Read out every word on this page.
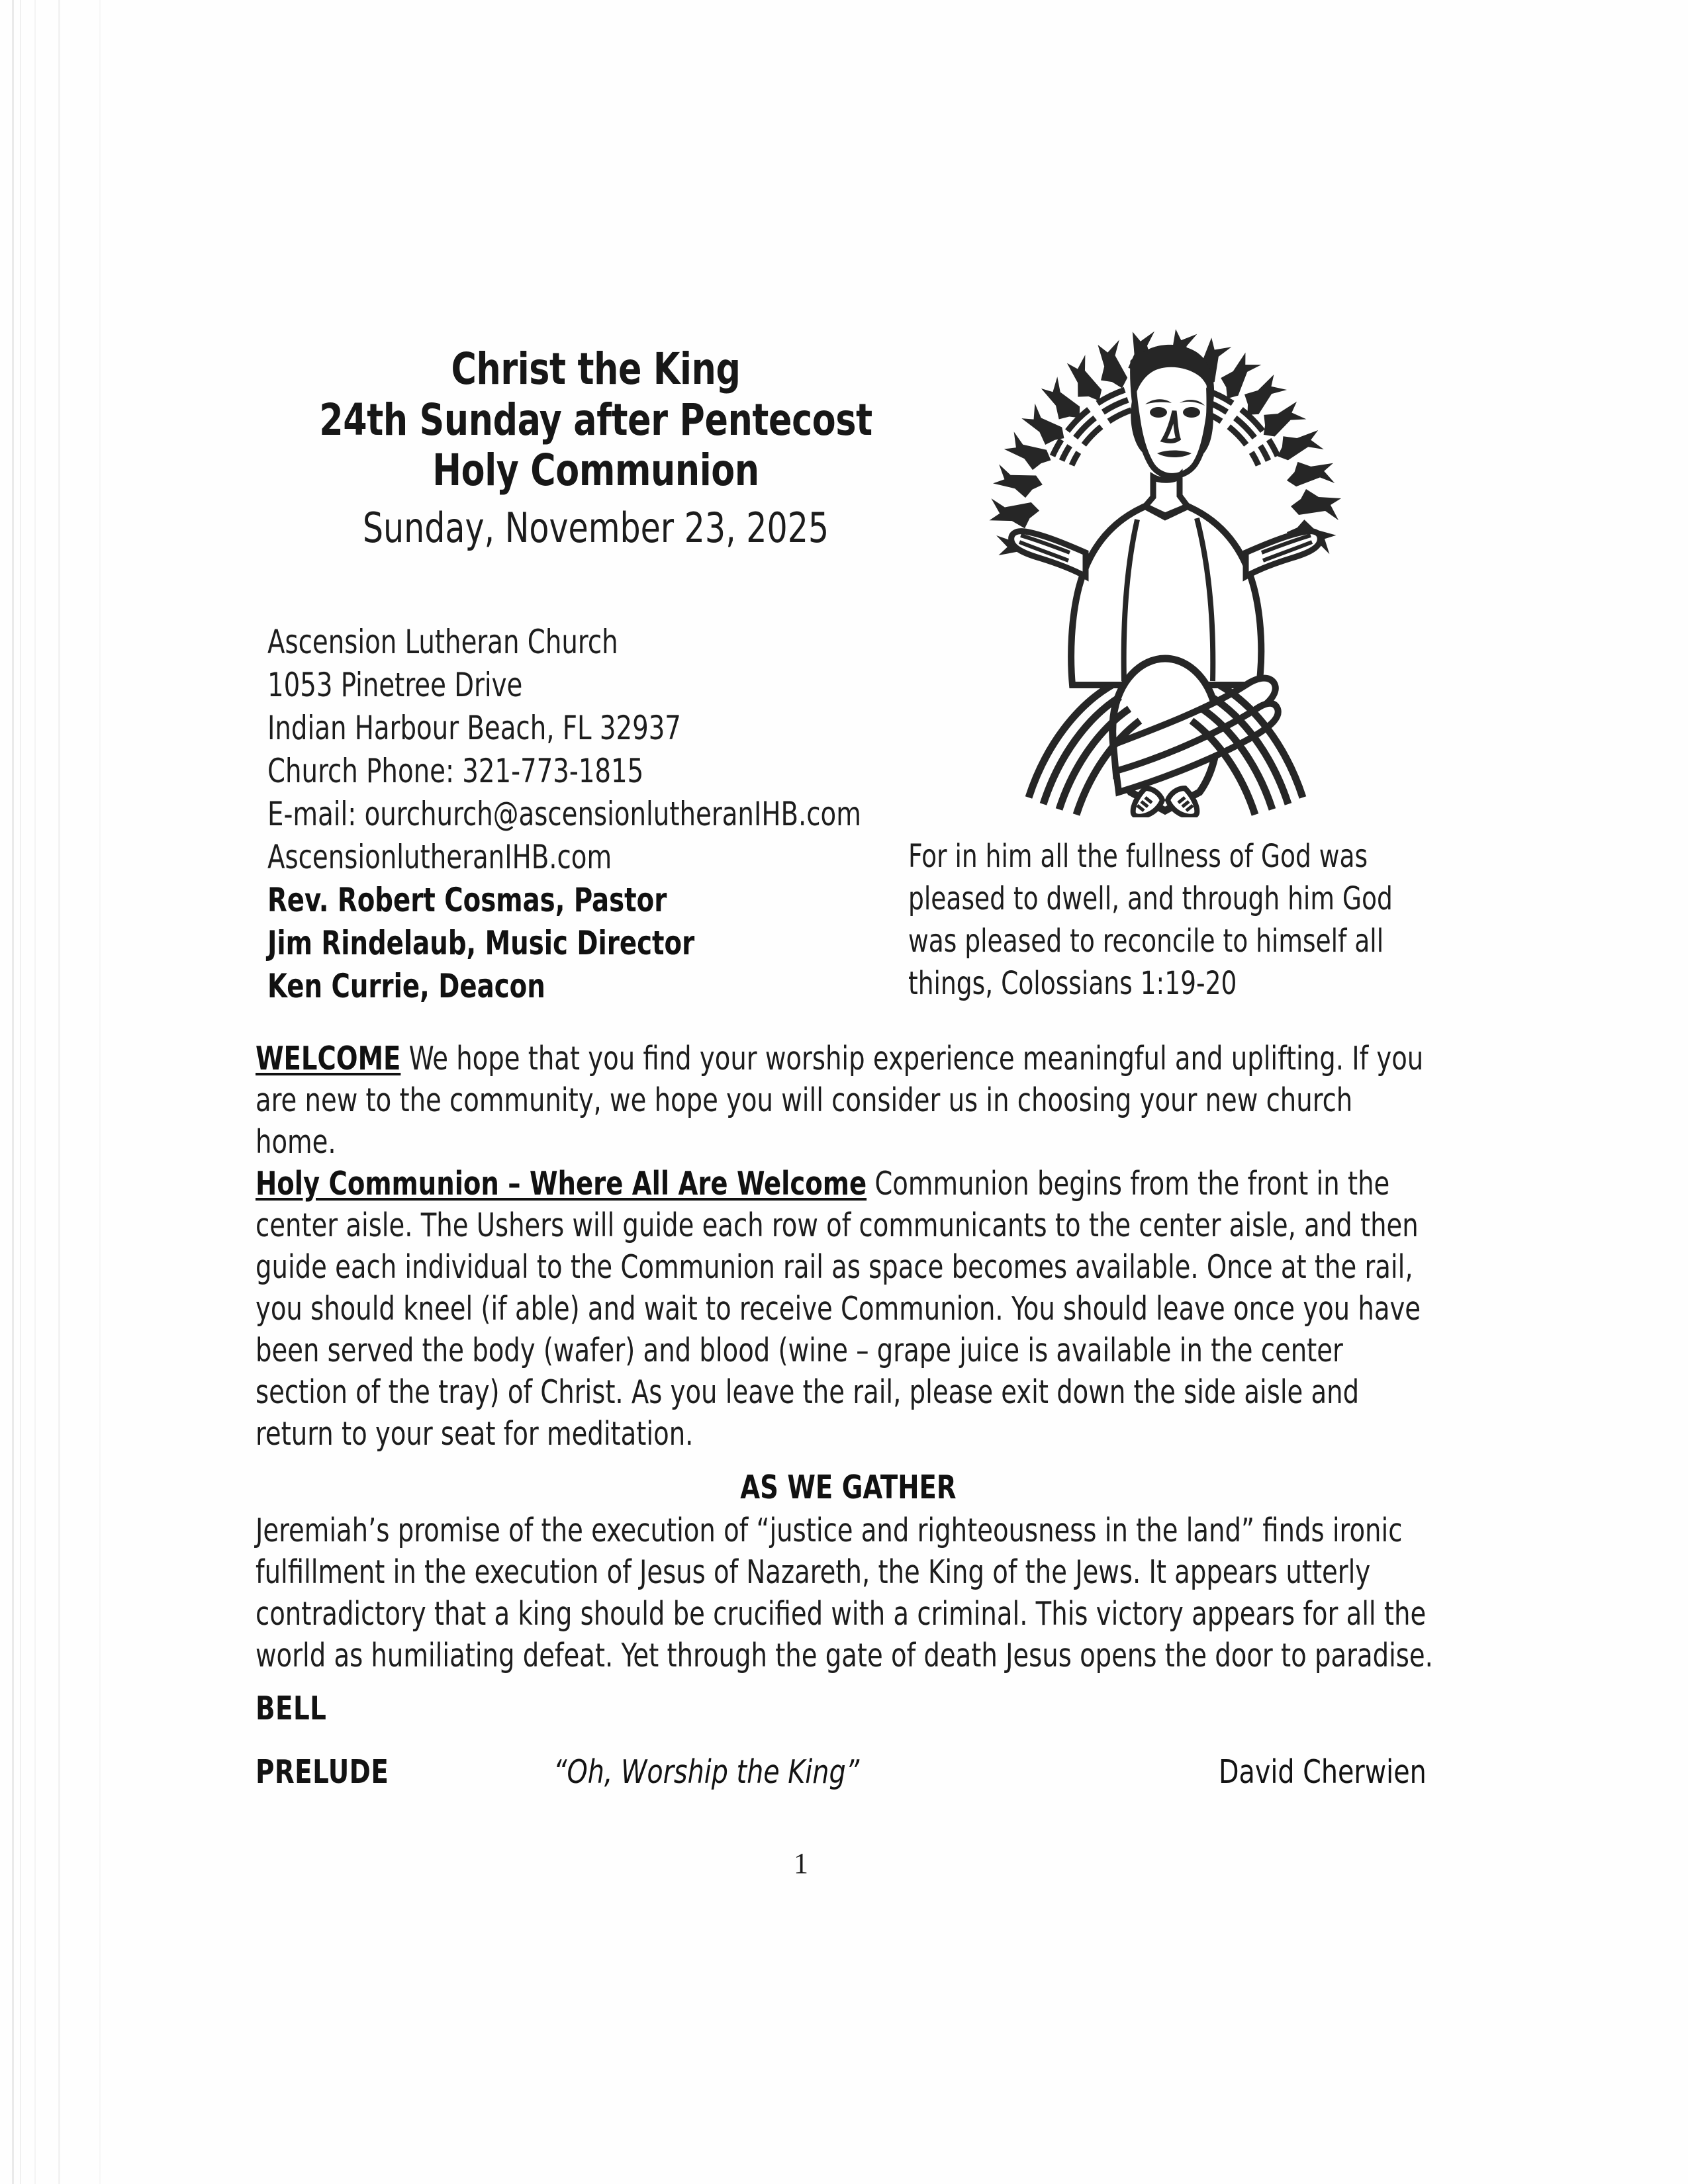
Christ the King
24th Sunday after Pentecost
Holy Communion
Sunday, November 23, 2025
Ascension Lutheran Church
1053 Pinetree Drive
Indian Harbour Beach, FL 32937
Church Phone: 321-773-1815
E-mail: ourchurch@ascensionlutheranIHB.com
AscensionlutheranIHB.com
Rev. Robert Cosmas, Pastor
Jim Rindelaub, Music Director
Ken Currie, Deacon
For in him all the fullness of God was
pleased to dwell, and through him God
was pleased to reconcile to himself all
things, Colossians 1:19-20

WELCOME We hope that you find your worship experience meaningful and uplifting. If you are new to the community, we hope you will consider us in choosing your new church home.

Holy Communion – Where All Are Welcome Communion begins from the front in the center aisle. The Ushers will guide each row of communicants to the center aisle, and then guide each individual to the Communion rail as space becomes available. Once at the rail, you should kneel (if able) and wait to receive Communion. You should leave once you have been served the body (wafer) and blood (wine – grape juice is available in the center section of the tray) of Christ. As you leave the rail, please exit down the side aisle and return to your seat for meditation.

AS WE GATHER

Jeremiah’s promise of the execution of “justice and righteousness in the land” finds ironic fulfillment in the execution of Jesus of Nazareth, the King of the Jews. It appears utterly contradictory that a king should be crucified with a criminal. This victory appears for all the world as humiliating defeat. Yet through the gate of death Jesus opens the door to paradise.

BELL
PRELUDE	“Oh, Worship the King”	David Cherwien
1
